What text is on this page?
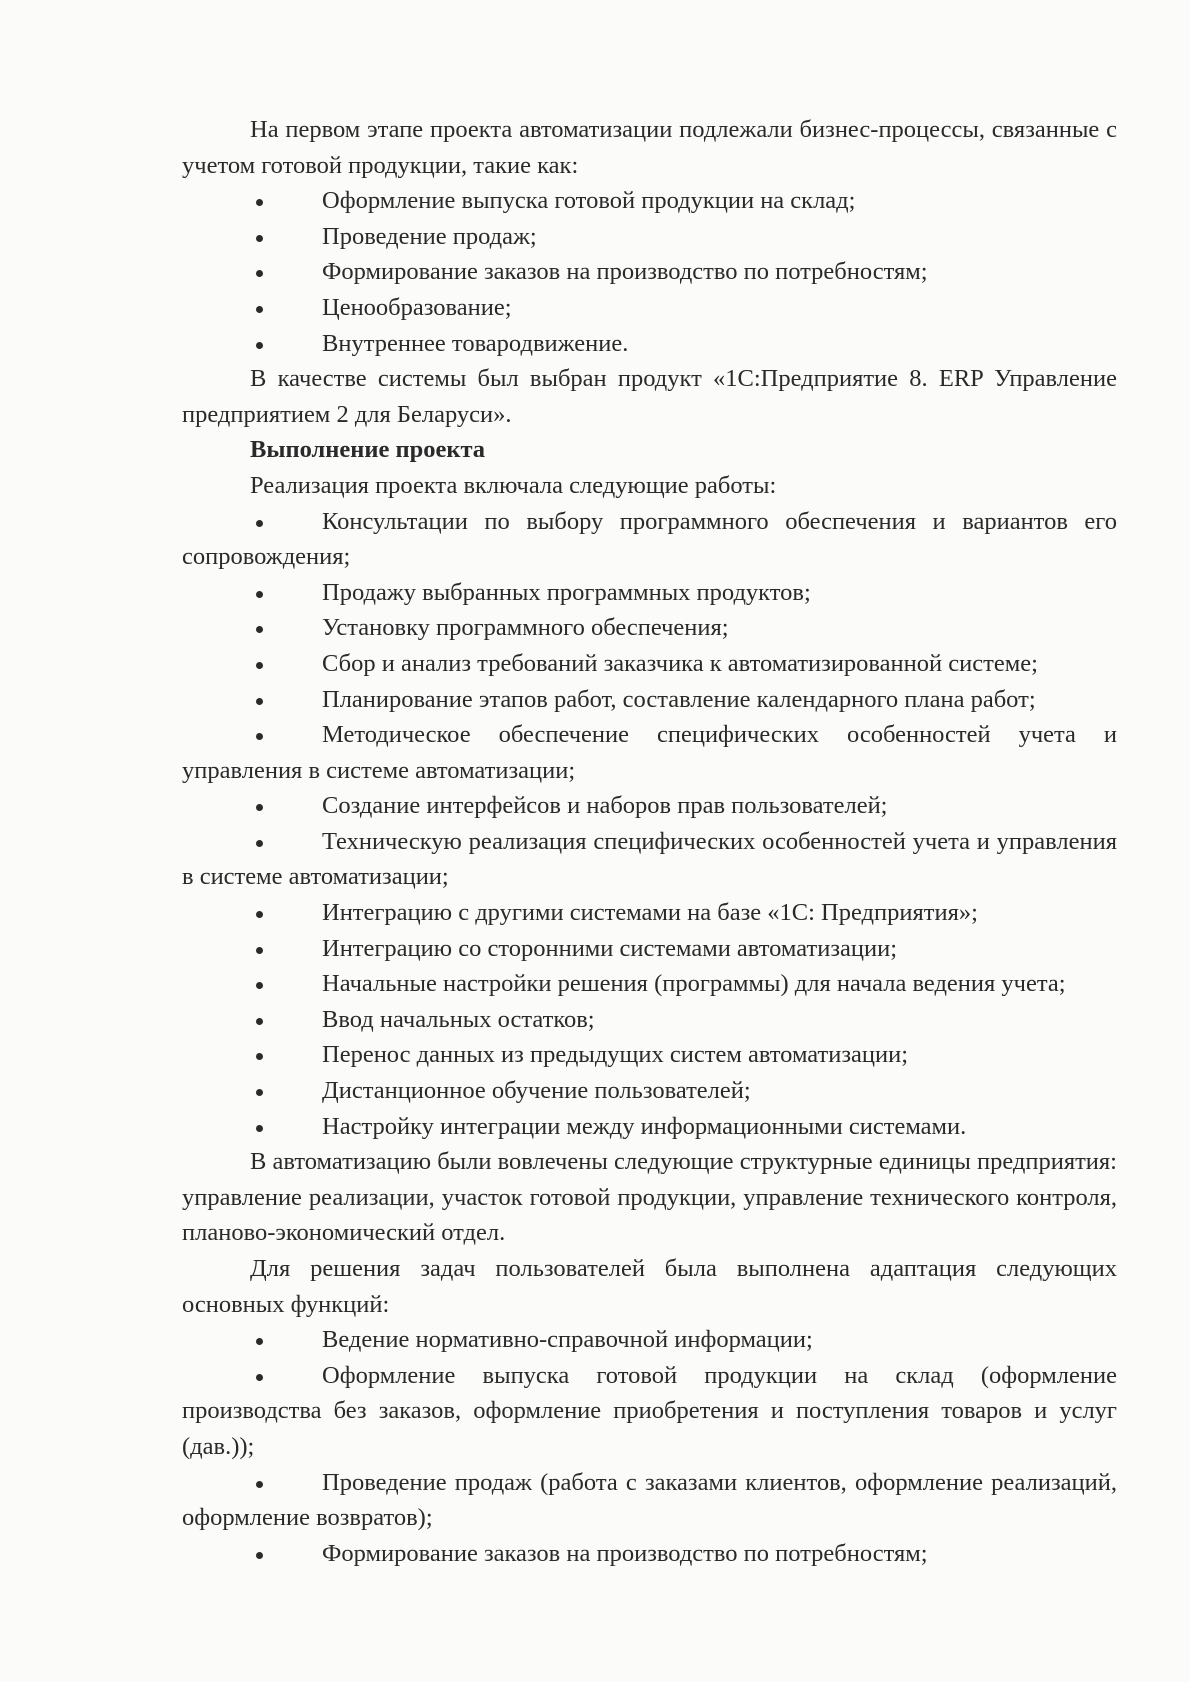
На первом этапе проекта автоматизации подлежали бизнес-процессы, связанные с учетом готовой продукции, такие как:

Оформление выпуска готовой продукции на склад;

Проведение продаж;

Формирование заказов на производство по потребностям;

Ценообразование;

Внутреннее товародвижение.

В качестве системы был выбран продукт «1С:Предприятие 8. ERP Управление предприятием 2 для Беларуси».

Выполнение проекта

Реализация проекта включала следующие работы:

Консультации по выбору программного обеспечения и вариантов его сопровождения;

Продажу выбранных программных продуктов;

Установку программного обеспечения;

Сбор и анализ требований заказчика к автоматизированной системе;

Планирование этапов работ, составление календарного плана работ;

Методическое обеспечение специфических особенностей учета и управления в системе автоматизации;

Создание интерфейсов и наборов прав пользователей;

Техническую реализация специфических особенностей учета и управления в системе автоматизации;

Интеграцию с другими системами на базе «1С: Предприятия»;

Интеграцию со сторонними системами автоматизации;

Начальные настройки решения (программы) для начала ведения учета;

Ввод начальных остатков;

Перенос данных из предыдущих систем автоматизации;

Дистанционное обучение пользователей;

Настройку интеграции между информационными системами.

В автоматизацию были вовлечены следующие структурные единицы предприятия: управление реализации, участок готовой продукции, управление технического контроля, планово-экономический отдел.

Для решения задач пользователей была выполнена адаптация следующих основных функций:

Ведение нормативно-справочной информации;

Оформление выпуска готовой продукции на склад (оформление производства без заказов, оформление приобретения и поступления товаров и услуг (дав.));

Проведение продаж (работа с заказами клиентов, оформление реализаций, оформление возвратов);

Формирование заказов на производство по потребностям;
